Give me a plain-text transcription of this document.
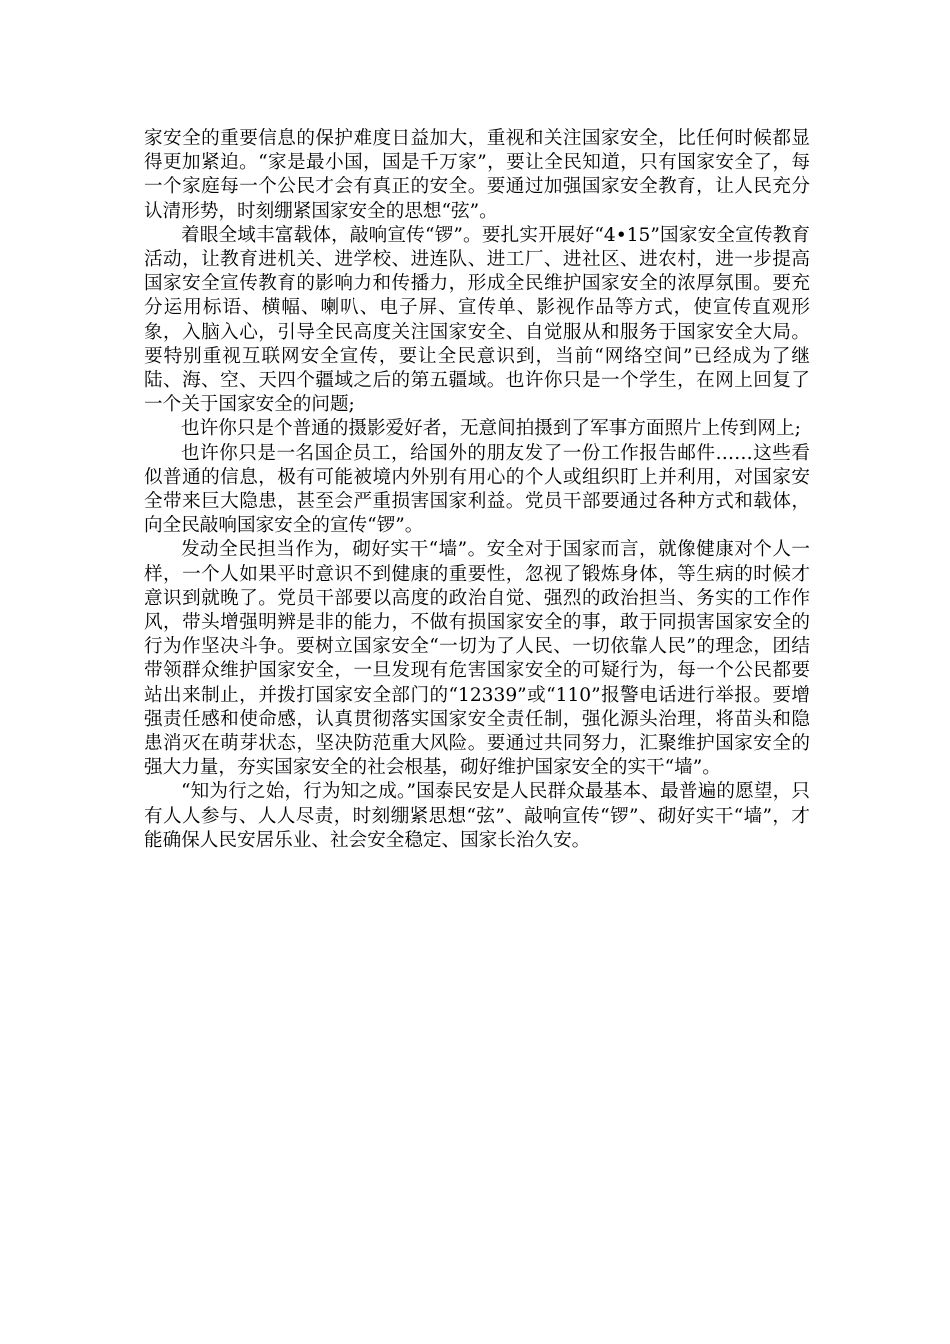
家安全的重要信息的保护难度日益加大，重视和关注国家安全，比任何时候都显得更加紧迫。“家是最小国，国是千万家”，要让全民知道，只有国家安全了，每一个家庭每一个公民才会有真正的安全。要通过加强国家安全教育，让人民充分认清形势，时刻绷紧国家安全的思想“弦”。

着眼全域丰富载体，敲响宣传“锣”。要扎实开展好“4•15”国家安全宣传教育活动，让教育进机关、进学校、进连队、进工厂、进社区、进农村，进一步提高国家安全宣传教育的影响力和传播力，形成全民维护国家安全的浓厚氛围。要充分运用标语、横幅、喇叭、电子屏、宣传单、影视作品等方式，使宣传直观形象，入脑入心，引导全民高度关注国家安全、自觉服从和服务于国家安全大局。要特别重视互联网安全宣传，要让全民意识到，当前“网络空间”已经成为了继陆、海、空、天四个疆域之后的第五疆域。也许你只是一个学生，在网上回复了一个关于国家安全的问题;

也许你只是个普通的摄影爱好者，无意间拍摄到了军事方面照片上传到网上;

也许你只是一名国企员工，给国外的朋友发了一份工作报告邮件……这些看似普通的信息，极有可能被境内外别有用心的个人或组织盯上并利用，对国家安全带来巨大隐患，甚至会严重损害国家利益。党员干部要通过各种方式和载体，向全民敲响国家安全的宣传“锣”。

发动全民担当作为，砌好实干“墙”。安全对于国家而言，就像健康对个人一样，一个人如果平时意识不到健康的重要性，忽视了锻炼身体，等生病的时候才意识到就晚了。党员干部要以高度的政治自觉、强烈的政治担当、务实的工作作风，带头增强明辨是非的能力，不做有损国家安全的事，敢于同损害国家安全的行为作坚决斗争。要树立国家安全“一切为了人民、一切依靠人民”的理念，团结带领群众维护国家安全，一旦发现有危害国家安全的可疑行为，每一个公民都要站出来制止，并拨打国家安全部门的“12339”或“110”报警电话进行举报。要增强责任感和使命感，认真贯彻落实国家安全责任制，强化源头治理，将苗头和隐患消灭在萌芽状态，坚决防范重大风险。要通过共同努力，汇聚维护国家安全的强大力量，夯实国家安全的社会根基，砌好维护国家安全的实干“墙”。

“知为行之始，行为知之成。”国泰民安是人民群众最基本、最普遍的愿望，只有人人参与、人人尽责，时刻绷紧思想“弦”、敲响宣传“锣”、砌好实干“墙”，才能确保人民安居乐业、社会安全稳定、国家长治久安。
